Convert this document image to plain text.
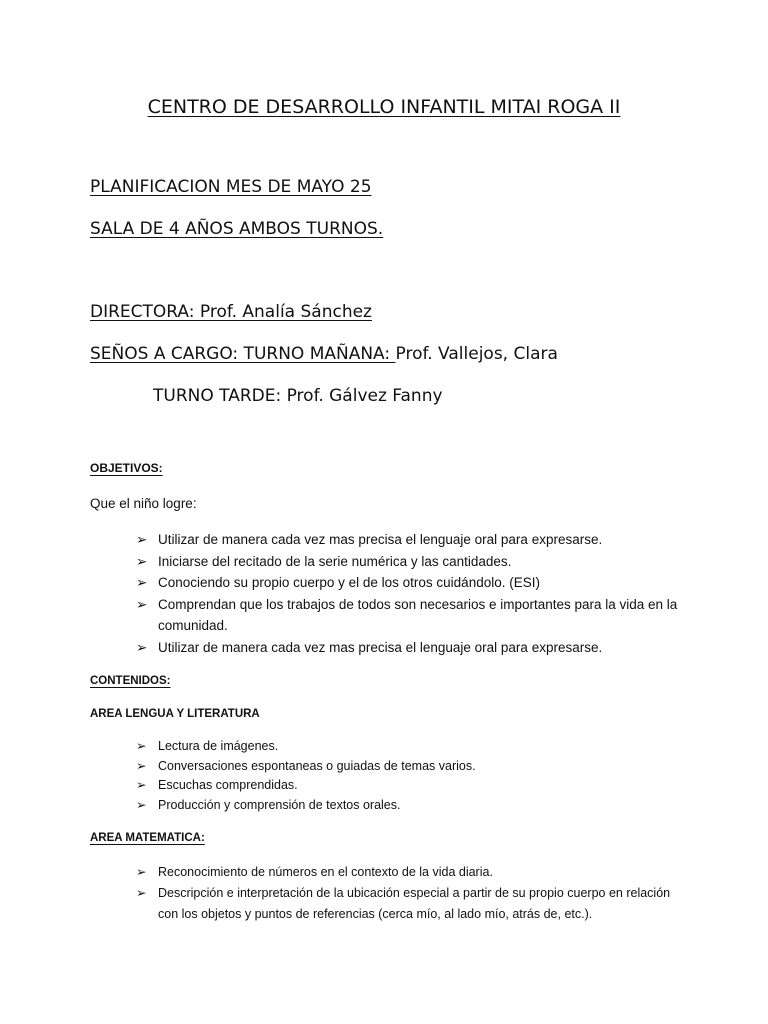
CENTRO DE DESARROLLO INFANTIL MITAI ROGA II

PLANIFICACION MES DE MAYO 25

SALA DE 4 AÑOS AMBOS TURNOS.

DIRECTORA: Prof. Analía Sánchez

SEÑOS A CARGO: TURNO MAÑANA: Prof. Vallejos, Clara

TURNO TARDE: Prof. Gálvez Fanny

OBJETIVOS:

Que el niño logre:

➢ Utilizar de manera cada vez mas precisa el lenguaje oral para expresarse.
➢ Iniciarse del recitado de la serie numérica y las cantidades.
➢ Conociendo su propio cuerpo y el de los otros cuidándolo. (ESI)
➢ Comprendan que los trabajos de todos son necesarios e importantes para la vida en la comunidad.
➢ Utilizar de manera cada vez mas precisa el lenguaje oral para expresarse.

CONTENIDOS:

AREA LENGUA Y LITERATURA

➢ Lectura de imágenes.
➢ Conversaciones espontaneas o guiadas de temas varios.
➢ Escuchas comprendidas.
➢ Producción y comprensión de textos orales.

AREA MATEMATICA:

➢ Reconocimiento de números en el contexto de la vida diaria.
➢ Descripción e interpretación de la ubicación especial a partir de su propio cuerpo en relación con los objetos y puntos de referencias (cerca mío, al lado mío, atrás de, etc.).
